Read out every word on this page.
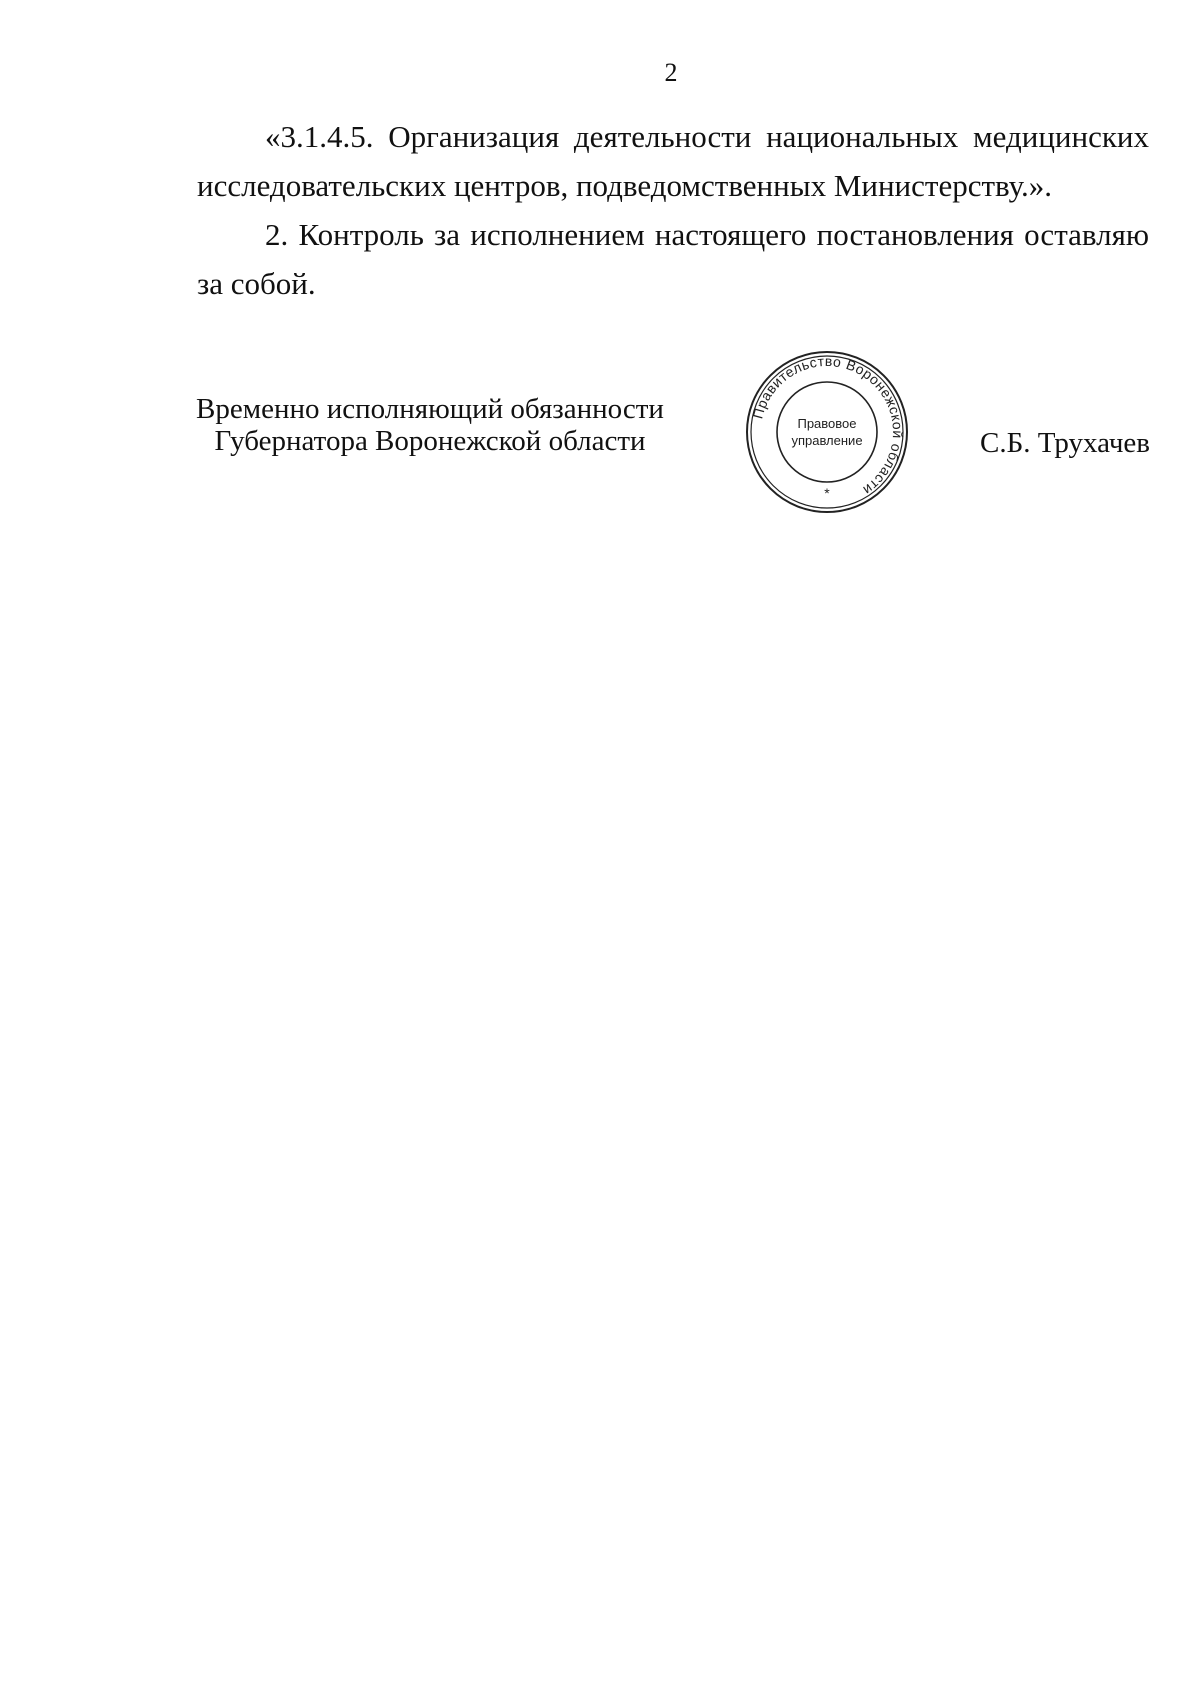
2

«3.1.4.5. Организация деятельности национальных медицинских исследовательских центров, подведомственных Министерству.».

2. Контроль за исполнением настоящего постановления оставляю за собой.

Временно исполняющий обязанности
Губернатора Воронежской области
Правительство Воронежской области
Правовое
управление
*
С.Б. Трухачев
